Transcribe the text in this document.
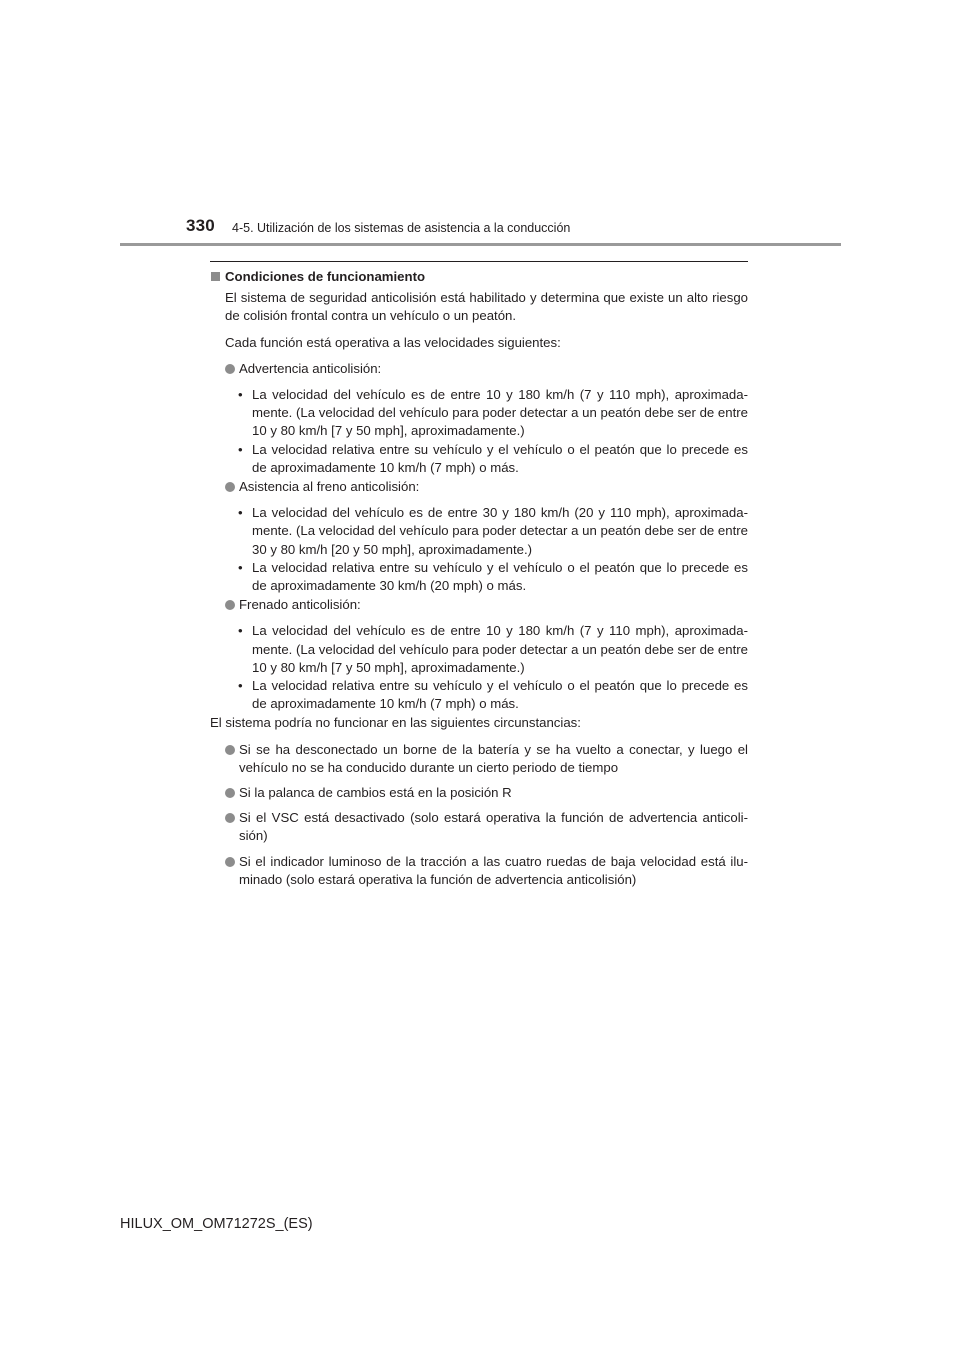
330 4-5. Utilización de los sistemas de asistencia a la conducción
Condiciones de funcionamiento

El sistema de seguridad anticolisión está habilitado y determina que existe un alto riesgo de colisión frontal contra un vehículo o un peatón.

Cada función está operativa a las velocidades siguientes:

Advertencia anticolisión:

• La velocidad del vehículo es de entre 10 y 180 km/h (7 y 110 mph), aproximada-mente. (La velocidad del vehículo para poder detectar a un peatón debe ser de entre 10 y 80 km/h [7 y 50 mph], aproximadamente.)

• La velocidad relativa entre su vehículo y el vehículo o el peatón que lo precede es de aproximadamente 10 km/h (7 mph) o más.

Asistencia al freno anticolisión:

• La velocidad del vehículo es de entre 30 y 180 km/h (20 y 110 mph), aproximada-mente. (La velocidad del vehículo para poder detectar a un peatón debe ser de entre 30 y 80 km/h [20 y 50 mph], aproximadamente.)

• La velocidad relativa entre su vehículo y el vehículo o el peatón que lo precede es de aproximadamente 30 km/h (20 mph) o más.

Frenado anticolisión:

• La velocidad del vehículo es de entre 10 y 180 km/h (7 y 110 mph), aproximada-mente. (La velocidad del vehículo para poder detectar a un peatón debe ser de entre 10 y 80 km/h [7 y 50 mph], aproximadamente.)

• La velocidad relativa entre su vehículo y el vehículo o el peatón que lo precede es de aproximadamente 10 km/h (7 mph) o más.

El sistema podría no funcionar en las siguientes circunstancias:

Si se ha desconectado un borne de la batería y se ha vuelto a conectar, y luego el vehículo no se ha conducido durante un cierto periodo de tiempo
Si la palanca de cambios está en la posición R
Si el VSC está desactivado (solo estará operativa la función de advertencia anticoli-sión)
Si el indicador luminoso de la tracción a las cuatro ruedas de baja velocidad está ilu-minado (solo estará operativa la función de advertencia anticolisión)
HILUX_OM_OM71272S_(ES)
